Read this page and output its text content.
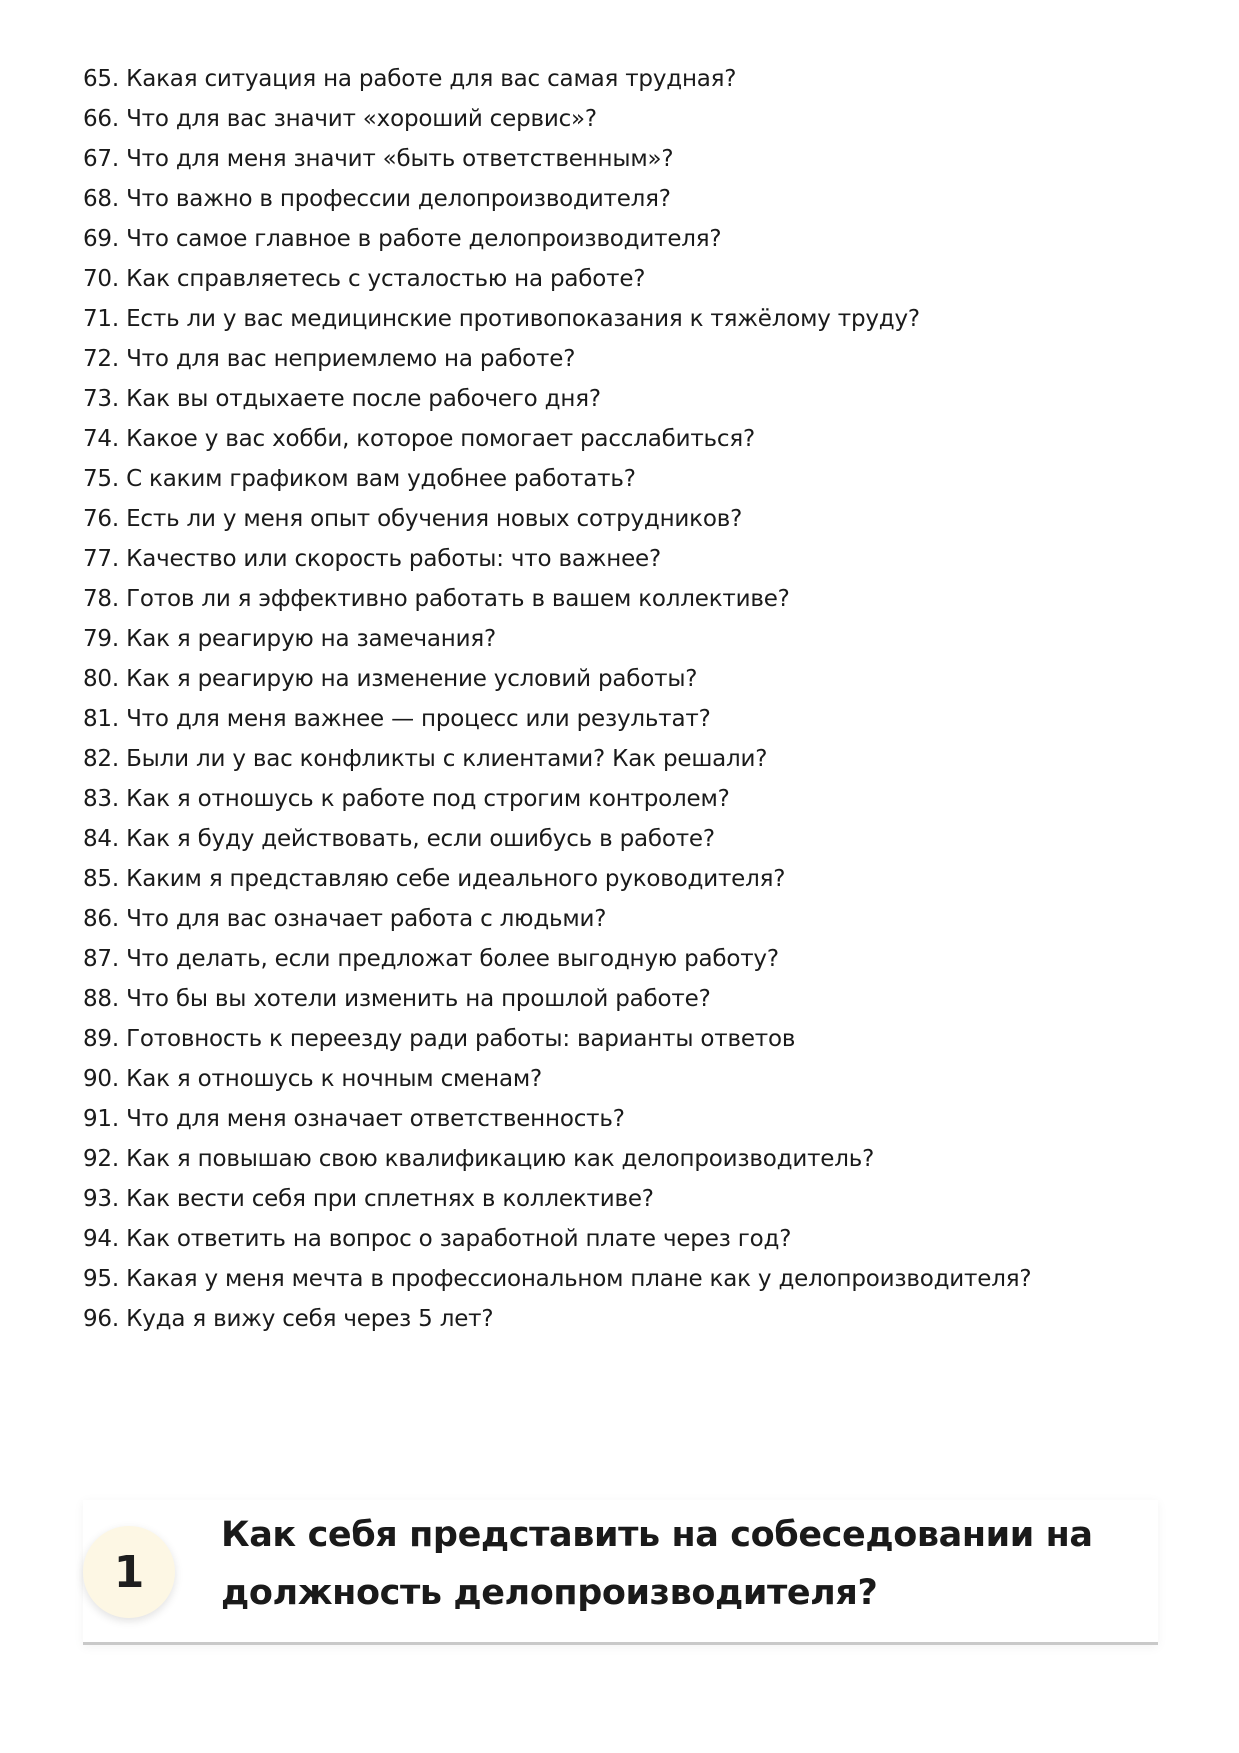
65. Какая ситуация на работе для вас самая трудная?
66. Что для вас значит «хороший сервис»?
67. Что для меня значит «быть ответственным»?
68. Что важно в профессии делопроизводителя?
69. Что самое главное в работе делопроизводителя?
70. Как справляетесь с усталостью на работе?
71. Есть ли у вас медицинские противопоказания к тяжёлому труду?
72. Что для вас неприемлемо на работе?
73. Как вы отдыхаете после рабочего дня?
74. Какое у вас хобби, которое помогает расслабиться?
75. С каким графиком вам удобнее работать?
76. Есть ли у меня опыт обучения новых сотрудников?
77. Качество или скорость работы: что важнее?
78. Готов ли я эффективно работать в вашем коллективе?
79. Как я реагирую на замечания?
80. Как я реагирую на изменение условий работы?
81. Что для меня важнее — процесс или результат?
82. Были ли у вас конфликты с клиентами? Как решали?
83. Как я отношусь к работе под строгим контролем?
84. Как я буду действовать, если ошибусь в работе?
85. Каким я представляю себе идеального руководителя?
86. Что для вас означает работа с людьми?
87. Что делать, если предложат более выгодную работу?
88. Что бы вы хотели изменить на прошлой работе?
89. Готовность к переезду ради работы: варианты ответов
90. Как я отношусь к ночным сменам?
91. Что для меня означает ответственность?
92. Как я повышаю свою квалификацию как делопроизводитель?
93. Как вести себя при сплетнях в коллективе?
94. Как ответить на вопрос о заработной плате через год?
95. Какая у меня мечта в профессиональном плане как у делопроизводителя?
96. Куда я вижу себя через 5 лет?
1
Как себя представить на собеседовании на должность делопроизводителя?
